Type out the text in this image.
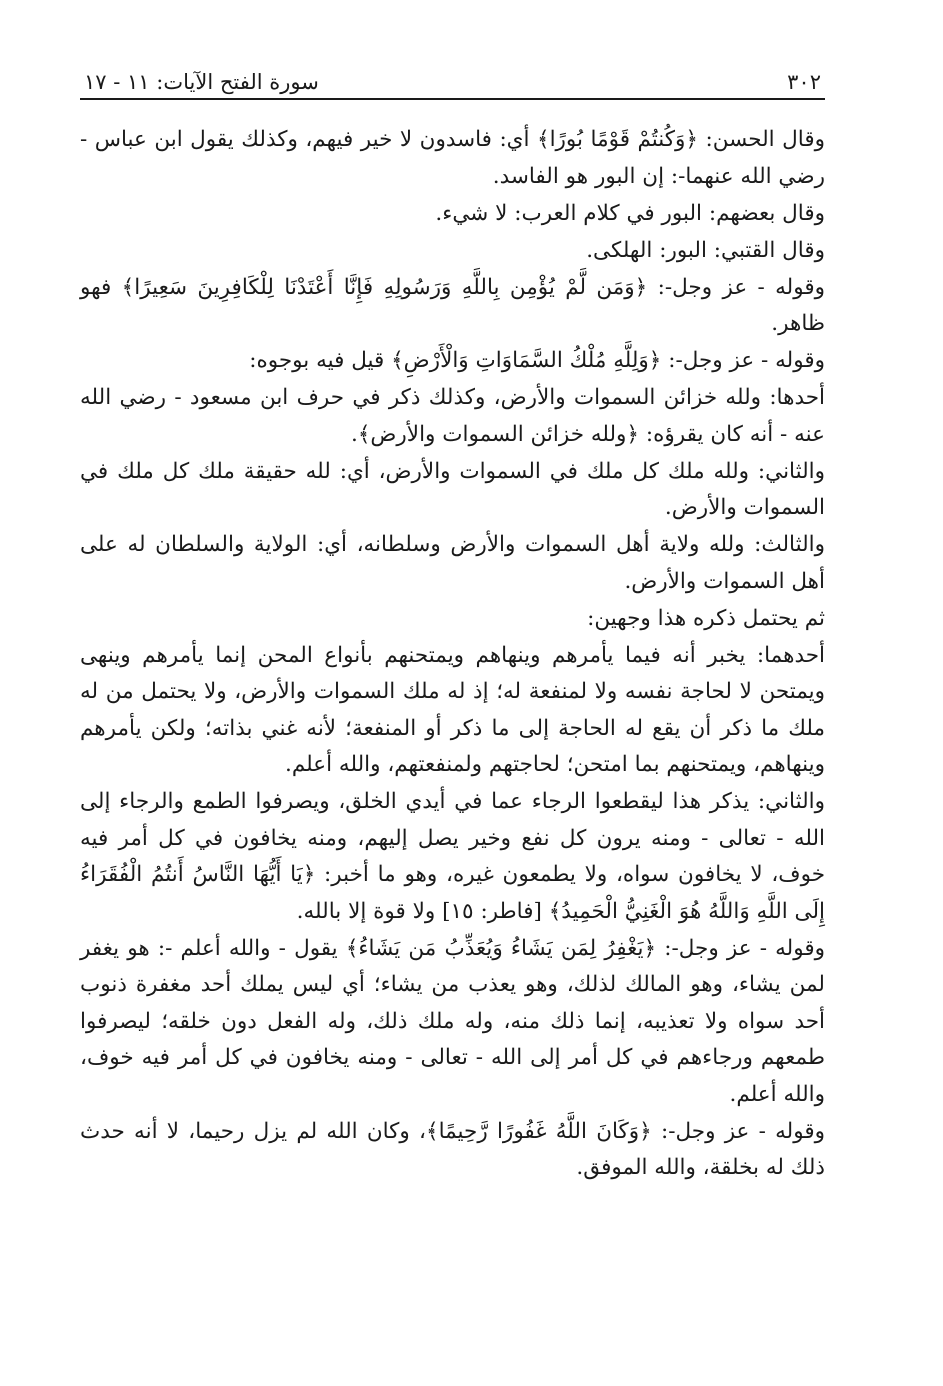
٣٠٢
سورة الفتح الآيات: ١١ - ١٧

وقال الحسن: ﴿وَكُنتُمْ قَوْمًا بُورًا﴾ أي: فاسدون لا خير فيهم، وكذلك يقول ابن عباس - رضي الله عنهما-: إن البور هو الفاسد.

وقال بعضهم: البور في كلام العرب: لا شيء.

وقال القتبي: البور: الهلكى.

وقوله - عز وجل-: ﴿وَمَن لَّمْ يُؤْمِن بِاللَّهِ وَرَسُولِهِ فَإِنَّا أَعْتَدْنَا لِلْكَافِرِينَ سَعِيرًا﴾ فهو ظاهر.

وقوله - عز وجل-: ﴿وَلِلَّهِ مُلْكُ السَّمَاوَاتِ وَالْأَرْضِ﴾ قيل فيه بوجوه:

أحدها: ولله خزائن السموات والأرض، وكذلك ذكر في حرف ابن مسعود - رضي الله عنه - أنه كان يقرؤه: ﴿ولله خزائن السموات والأرض﴾.

والثاني: ولله ملك كل ملك في السموات والأرض، أي: لله حقيقة ملك كل ملك في السموات والأرض.

والثالث: ولله ولاية أهل السموات والأرض وسلطانه، أي: الولاية والسلطان له على أهل السموات والأرض.

ثم يحتمل ذكره هذا وجهين:

أحدهما: يخبر أنه فيما يأمرهم وينهاهم ويمتحنهم بأنواع المحن إنما يأمرهم وينهى ويمتحن لا لحاجة نفسه ولا لمنفعة له؛ إذ له ملك السموات والأرض، ولا يحتمل من له ملك ما ذكر أن يقع له الحاجة إلى ما ذكر أو المنفعة؛ لأنه غني بذاته؛ ولكن يأمرهم وينهاهم، ويمتحنهم بما امتحن؛ لحاجتهم ولمنفعتهم، والله أعلم.

والثاني: يذكر هذا ليقطعوا الرجاء عما في أيدي الخلق، ويصرفوا الطمع والرجاء إلى الله - تعالى - ومنه يرون كل نفع وخير يصل إليهم، ومنه يخافون في كل أمر فيه خوف، لا يخافون سواه، ولا يطمعون غيره، وهو ما أخبر: ﴿يَا أَيُّهَا النَّاسُ أَنتُمُ الْفُقَرَاءُ إِلَى اللَّهِ وَاللَّهُ هُوَ الْغَنِيُّ الْحَمِيدُ﴾ [فاطر: ١٥] ولا قوة إلا بالله.

وقوله - عز وجل-: ﴿يَغْفِرُ لِمَن يَشَاءُ وَيُعَذِّبُ مَن يَشَاءُ﴾ يقول - والله أعلم -: هو يغفر لمن يشاء، وهو المالك لذلك، وهو يعذب من يشاء؛ أي ليس يملك أحد مغفرة ذنوب أحد سواه ولا تعذيبه، إنما ذلك منه، وله ملك ذلك، وله الفعل دون خلقه؛ ليصرفوا طمعهم ورجاءهم في كل أمر إلى الله - تعالى - ومنه يخافون في كل أمر فيه خوف، والله أعلم.

وقوله - عز وجل-: ﴿وَكَانَ اللَّهُ غَفُورًا رَّحِيمًا﴾، وكان الله لم يزل رحيما، لا أنه حدث ذلك له بخلقة، والله الموفق.
